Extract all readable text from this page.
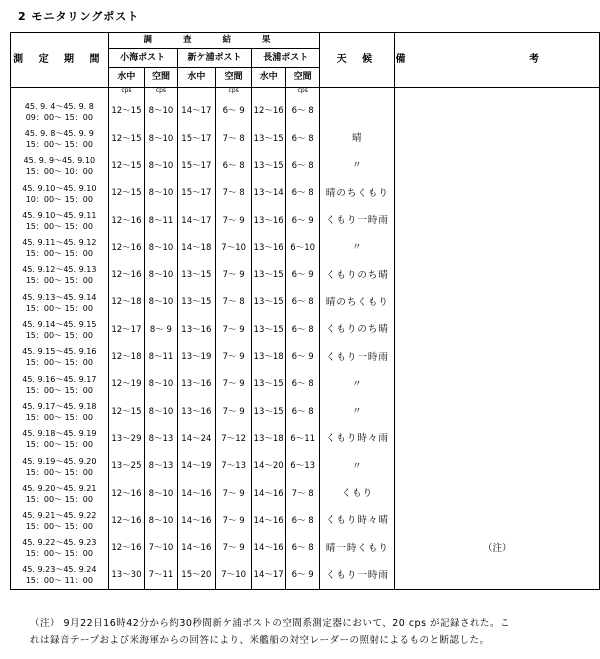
2 モニタリングポスト
測 定 期 間	調 査 結 果						天 候	備 考
	小海ポスト		新ケ浦ポスト		長浦ポスト			
	水中	空間	水中	空間	水中	空間		
	cps	cps		cps		cps		

45. 9. 4～45. 9. 8
09：00～ 15：00	12～15	8～10	14～17	6～ 9	12～16	6～ 8		

45. 9. 8～45. 9. 9
15：00～ 15：00	12～15	8～10	15～17	7～ 8	13～15	6～ 8	晴	

45. 9. 9～45. 9.10
15：00～ 10：00	12～15	8～10	15～17	6～ 8	13～15	6～ 8	〃	

45. 9.10～45. 9.10
10：00～ 15：00	12～15	8～10	15～17	7～ 8	13～14	6～ 8	晴のちくもり	

45. 9.10～45. 9.11
15：00～ 15：00	12～16	8～11	14～17	7～ 9	13～16	6～ 9	くもり一時雨	

45. 9.11～45. 9.12
15：00～ 15：00	12～16	8～10	14～18	7～10	13～16	6～10	〃	

45. 9.12～45. 9.13
15：00～ 15：00	12～16	8～10	13～15	7～ 9	13～15	6～ 9	くもりのち晴	

45. 9.13～45. 9.14
15：00～ 15：00	12～18	8～10	13～15	7～ 8	13～15	6～ 8	晴のちくもり	

45. 9.14～45. 9.15
15：00～ 15：00	12～17	8～ 9	13～16	7～ 9	13～15	6～ 8	くもりのち晴	

45. 9.15～45. 9.16
15：00～ 15：00	12～18	8～11	13～19	7～ 9	13～18	6～ 9	くもり一時雨	

45. 9.16～45. 9.17
15：00～ 15：00	12～19	8～10	13～16	7～ 9	13～15	6～ 8	〃	

45. 9.17～45. 9.18
15：00～ 15：00	12～15	8～10	13～16	7～ 9	13～15	6～ 8	〃	

45. 9.18～45. 9.19
15：00～ 15：00	13～29	8～13	14～24	7～12	13～18	6～11	くもり時々雨	

45. 9.19～45. 9.20
15：00～ 15：00	13～25	8～13	14～19	7～13	14～20	6～13	〃	

45. 9.20～45. 9.21
15：00～ 15：00	12～16	8～10	14～16	7～ 9	14～16	7～ 8	くもり	

45. 9.21～45. 9.22
15：00～ 15：00	12～16	8～10	14～16	7～ 9	14～16	6～ 8	くもり時々晴	

45. 9.22～45. 9.23
15：00～ 15：00	12～16	7～10	14～16	7～ 9	14～16	6～ 8	晴一時くもり	（注）

45. 9.23～45. 9.24
15：00～ 11：00	13～30	7～11	15～20	7～10	14～17	6～ 9	くもり一時雨	
（注） 9月22日16時42分から約30秒間新ケ浦ポストの空間系測定器において、20 cps が記録された。こ
れは録音テープおよび米海軍からの回答により、米艦船の対空レーダーの照射によるものと断認した。
